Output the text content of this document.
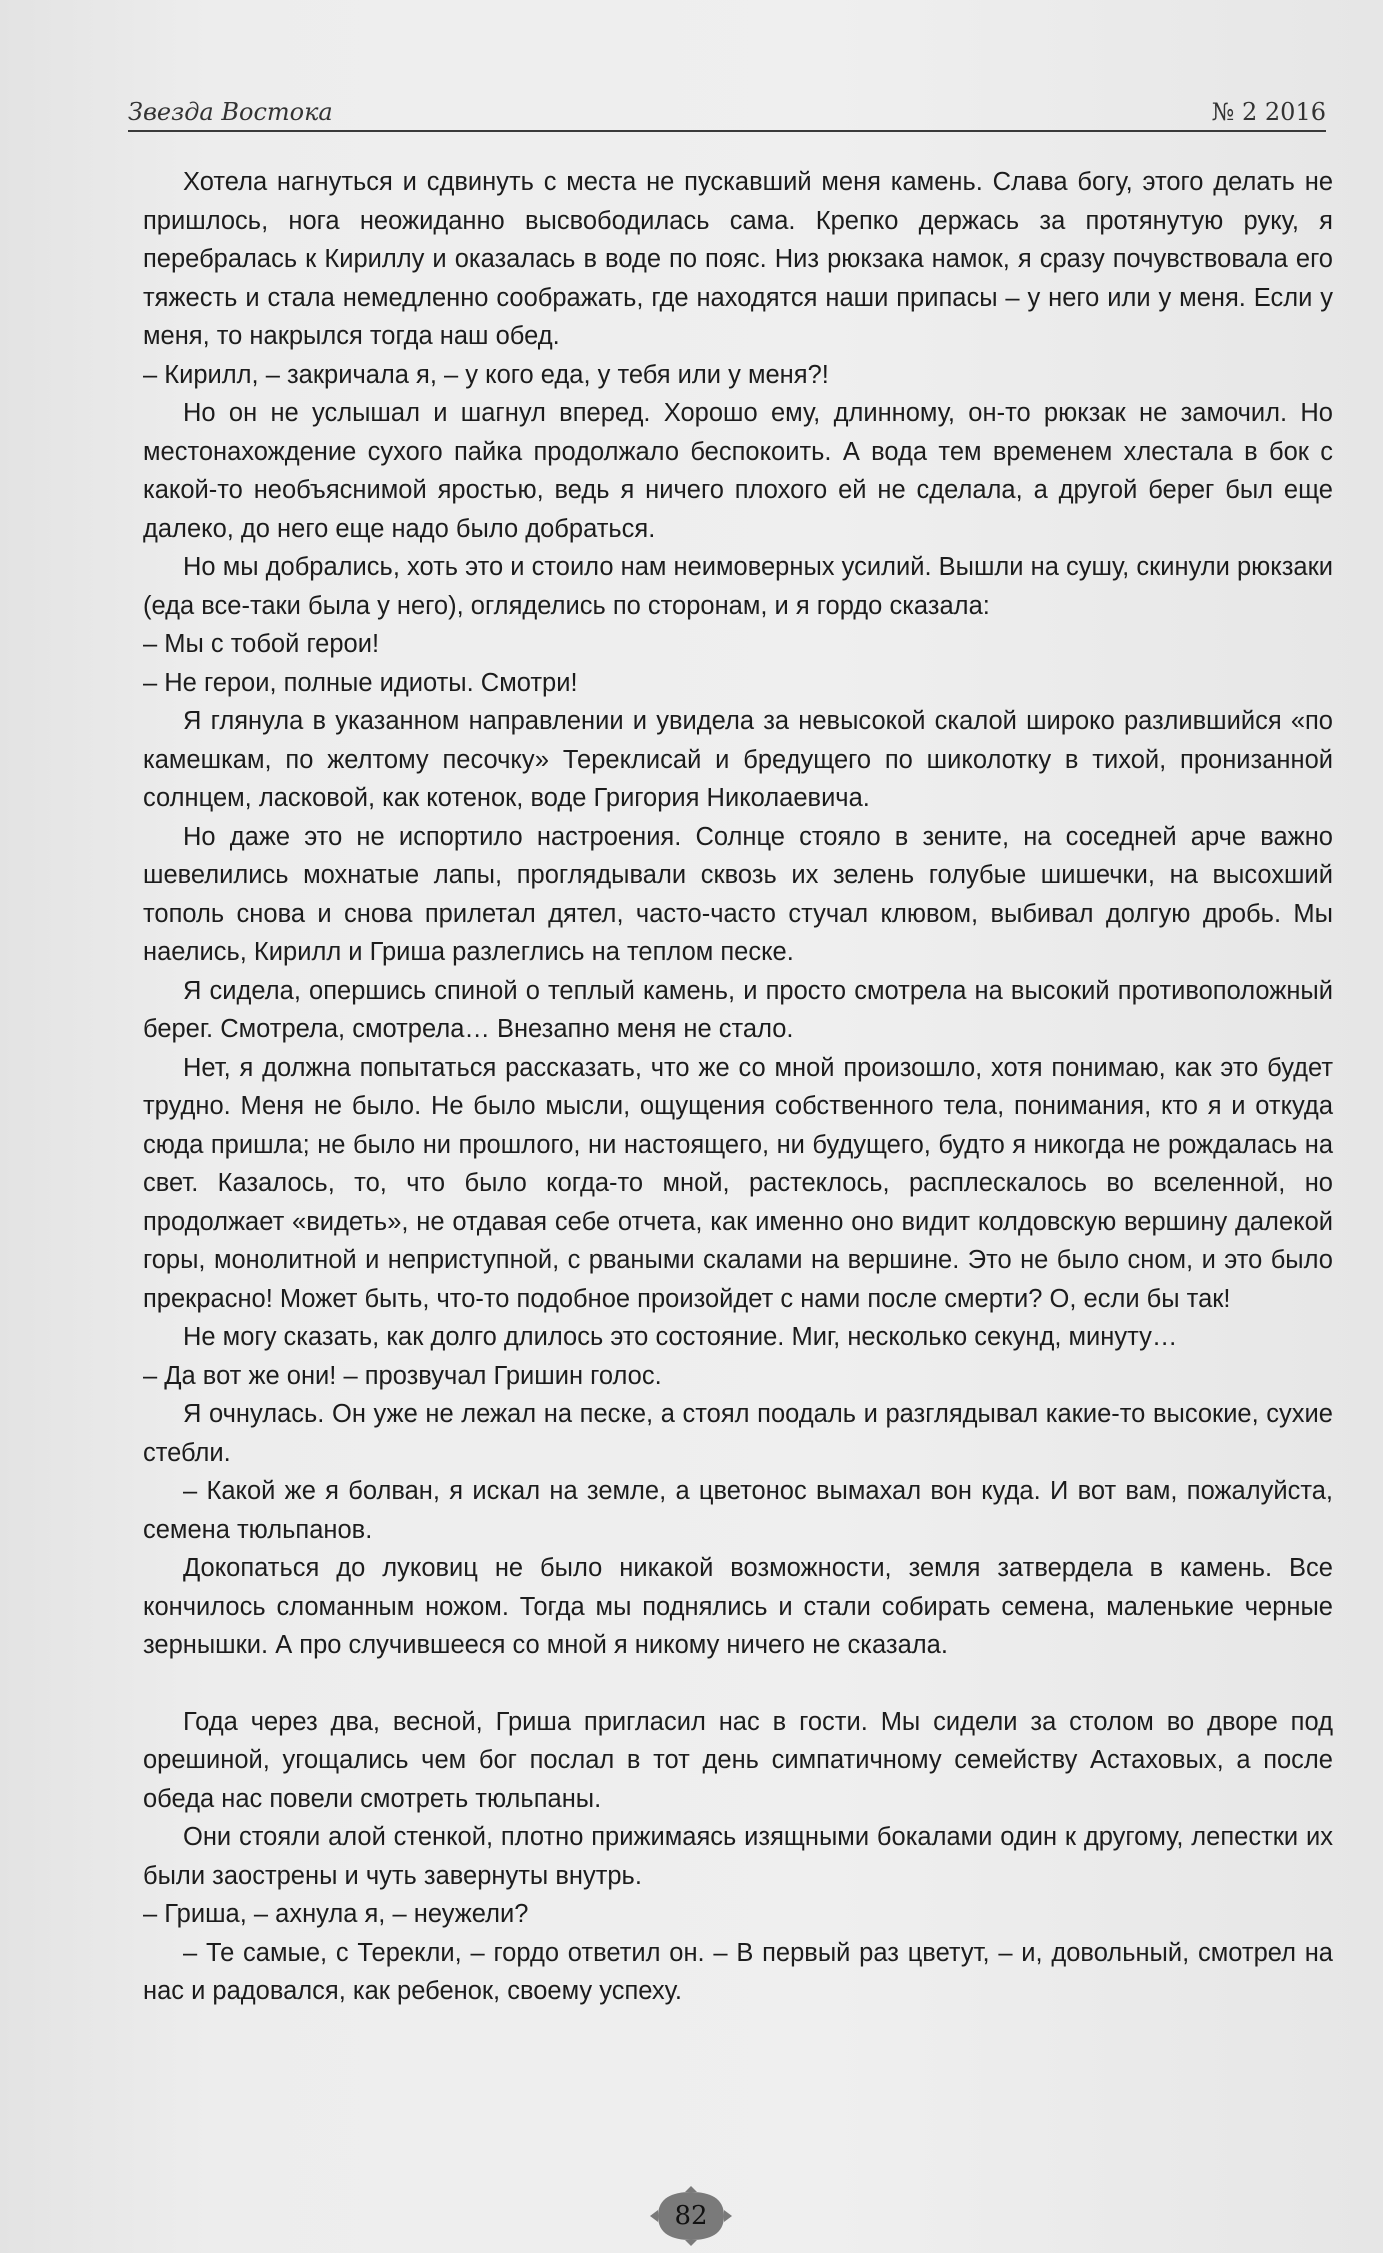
Звезда Востока	№ 2 2016

Хотела нагнуться и сдвинуть с места не пускавший меня камень. Слава богу, этого делать не пришлось, нога неожиданно высвободилась сама. Крепко держась за протянутую руку, я перебралась к Кириллу и оказалась в воде по пояс. Низ рюкзака намок, я сразу почувствовала его тяжесть и стала немедленно соображать, где находятся наши припасы – у него или у меня. Если у меня, то накрылся тогда наш обед.

– Кирилл, – закричала я, – у кого еда, у тебя или у меня?!

Но он не услышал и шагнул вперед. Хорошо ему, длинному, он-то рюкзак не замочил. Но местонахождение сухого пайка продолжало беспокоить. А вода тем временем хлестала в бок с какой-то необъяснимой яростью, ведь я ничего плохого ей не сделала, а другой берег был еще далеко, до него еще надо было добраться.

Но мы добрались, хоть это и стоило нам неимоверных усилий. Вышли на сушу, скинули рюкзаки (еда все-таки была у него), огляделись по сторонам, и я гордо сказала:

– Мы с тобой герои!

– Не герои, полные идиоты. Смотри!

Я глянула в указанном направлении и увидела за невысокой скалой широко разлившийся «по камешкам, по желтому песочку» Тереклисай и бредущего по шиколотку в тихой, пронизанной солнцем, ласковой, как котенок, воде Григория Николаевича.

Но даже это не испортило настроения. Солнце стояло в зените, на соседней арче важно шевелились мохнатые лапы, проглядывали сквозь их зелень голубые шишечки, на высохший тополь снова и снова прилетал дятел, часто-часто стучал клювом, выбивал долгую дробь. Мы наелись, Кирилл и Гриша разлеглись на теплом песке.

Я сидела, опершись спиной о теплый камень, и просто смотрела на высокий противоположный берег. Смотрела, смотрела… Внезапно меня не стало.

Нет, я должна попытаться рассказать, что же со мной произошло, хотя понимаю, как это будет трудно. Меня не было. Не было мысли, ощущения собственного тела, понимания, кто я и откуда сюда пришла; не было ни прошлого, ни настоящего, ни будущего, будто я никогда не рождалась на свет. Казалось, то, что было когда-то мной, растеклось, расплескалось во вселенной, но продолжает «видеть», не отдавая себе отчета, как именно оно видит колдовскую вершину далекой горы, монолитной и неприступной, с рваными скалами на вершине. Это не было сном, и это было прекрасно! Может быть, что-то подобное произойдет с нами после смерти? О, если бы так!

Не могу сказать, как долго длилось это состояние. Миг, несколько секунд, минуту…

– Да вот же они! – прозвучал Гришин голос.

Я очнулась. Он уже не лежал на песке, а стоял поодаль и разглядывал какие-то высокие, сухие стебли.

– Какой же я болван, я искал на земле, а цветонос вымахал вон куда. И вот вам, пожалуйста, семена тюльпанов.

Докопаться до луковиц не было никакой возможности, земля затвердела в камень. Все кончилось сломанным ножом. Тогда мы поднялись и стали собирать семена, маленькие черные зернышки. А про случившееся со мной я никому ничего не сказала.

Года через два, весной, Гриша пригласил нас в гости. Мы сидели за столом во дворе под орешиной, угощались чем бог послал в тот день симпатичному семейству Астаховых, а после обеда нас повели смотреть тюльпаны.

Они стояли алой стенкой, плотно прижимаясь изящными бокалами один к другому, лепестки их были заострены и чуть завернуты внутрь.

– Гриша, – ахнула я, – неужели?

– Те самые, с Терекли, – гордо ответил он. – В первый раз цветут, – и, довольный, смотрел на нас и радовался, как ребенок, своему успеху.

82
